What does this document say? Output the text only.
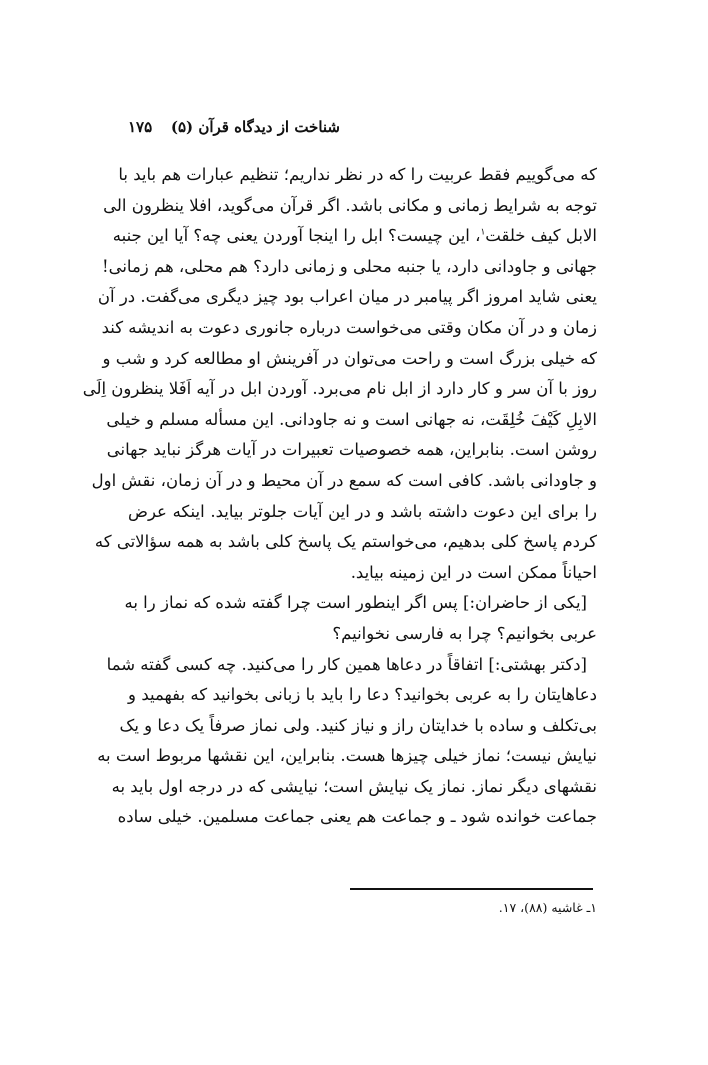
شناخت از دیدگاه قرآن (۵)
۱۷۵
که می‌گوییم فقط عربیت را که در نظر نداریم؛ تنظیم عبارات هم باید با
توجه به شرایط زمانی و مکانی باشد. اگر قرآن می‌گوید، افلا ینظرون الی
الابل کیف خلقت$^۱$، این چیست؟ ابل را اینجا آوردن یعنی چه؟ آیا این جنبه
جهانی و جاودانی دارد، یا جنبه محلی و زمانی دارد؟ هم محلی، هم زمانی!
یعنی شاید امروز اگر پیامبر در میان اعراب بود چیز دیگری می‌گفت. در آن
زمان و در آن مکان وقتی می‌خواست درباره جانوری دعوت به اندیشه کند
که خیلی بزرگ است و راحت می‌توان در آفرینش او مطالعه کرد و شب و
روز با آن سر و کار دارد از ابل نام می‌برد. آوردن ابل در آیه اَفَلا ینظرون اِلَی
الابِلِ کَیْفَ خُلِقَت، نه جهانی است و نه جاودانی. این مسأله مسلم و خیلی
روشن است. بنابراین، همه خصوصیات تعبیرات در آیات هرگز نباید جهانی
و جاودانی باشد. کافی است که سمع در آن محیط و در آن زمان، نقش اول
را برای این دعوت داشته باشد و در این آیات جلوتر بیاید. اینکه عرض
کردم پاسخ کلی بدهیم، می‌خواستم یک پاسخ کلی باشد به همه سؤالاتی که
احیاناً ممکن است در این زمینه بیاید.
[یکی از حاضران:] پس اگر اینطور است چرا گفته شده که نماز را به
عربی بخوانیم؟ چرا به فارسی نخوانیم؟
[دکتر بهشتی:] اتفاقاً در دعاها همین کار را می‌کنید. چه کسی گفته شما
دعاهایتان را به عربی بخوانید؟ دعا را باید با زبانی بخوانید که بفهمید و
بی‌تکلف و ساده با خدایتان راز و نیاز کنید. ولی نماز صرفاً یک دعا و یک
نیایش نیست؛ نماز خیلی چیزها هست. بنابراین، این نقشها مربوط است به
نقشهای دیگر نماز. نماز یک نیایش است؛ نیایشی که در درجه اول باید به
جماعت خوانده شود ـ و جماعت هم یعنی جماعت مسلمین. خیلی ساده
۱ـ غاشیه (۸۸)، ۱۷.
